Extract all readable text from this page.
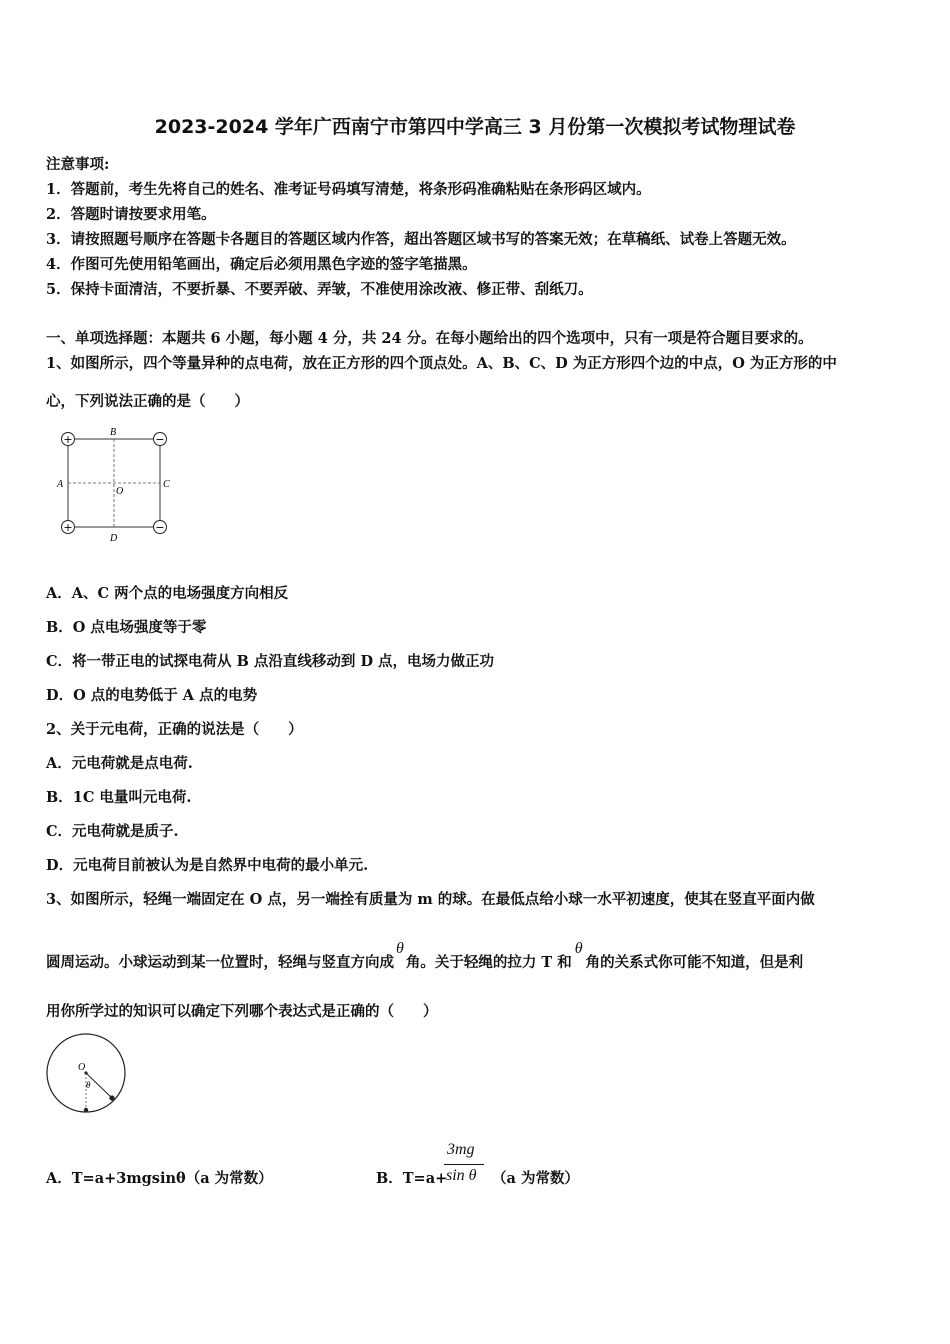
2023-2024 学年广西南宁市第四中学高三 3 月份第一次模拟考试物理试卷
注意事项:
1．答题前，考生先将自己的姓名、准考证号码填写清楚，将条形码准确粘贴在条形码区域内。
2．答题时请按要求用笔。
3．请按照题号顺序在答题卡各题目的答题区域内作答，超出答题区域书写的答案无效；在草稿纸、试卷上答题无效。
4．作图可先使用铅笔画出，确定后必须用黑色字迹的签字笔描黑。
5．保持卡面清洁，不要折暴、不要弄破、弄皱，不准使用涂改液、修正带、刮纸刀。
一、单项选择题：本题共 6 小题，每小题 4 分，共 24 分。在每小题给出的四个选项中，只有一项是符合题目要求的。
1、如图所示，四个等量异种的点电荷，放在正方形的四个顶点处。A、B、C、D 为正方形四个边的中点，O 为正方形的中
心，下列说法正确的是（　　）
+	−
+	−
B
A	C
D
O
A．A、C 两个点的电场强度方向相反
B．O 点电场强度等于零
C．将一带正电的试探电荷从 B 点沿直线移动到 D 点，电场力做正功
D．O 点的电势低于 A 点的电势
2、关于元电荷，正确的说法是（　　）
A．元电荷就是点电荷.
B．1C 电量叫元电荷.
C．元电荷就是质子.
D．元电荷目前被认为是自然界中电荷的最小单元.
3、如图所示，轻绳一端固定在 O 点，另一端拴有质量为 m 的球。在最低点给小球一水平初速度，使其在竖直平面内做
圆周运动。小球运动到某一位置时，轻绳与竖直方向成θ角。关于轻绳的拉力 T 和θ角的关系式你可能不知道，但是利
用你所学过的知识可以确定下列哪个表达式是正确的（　　）
O
θ
A．T=a+3mgsinθ（a 为常数）	B．T=a+
3mg
sin θ （a 为常数）
